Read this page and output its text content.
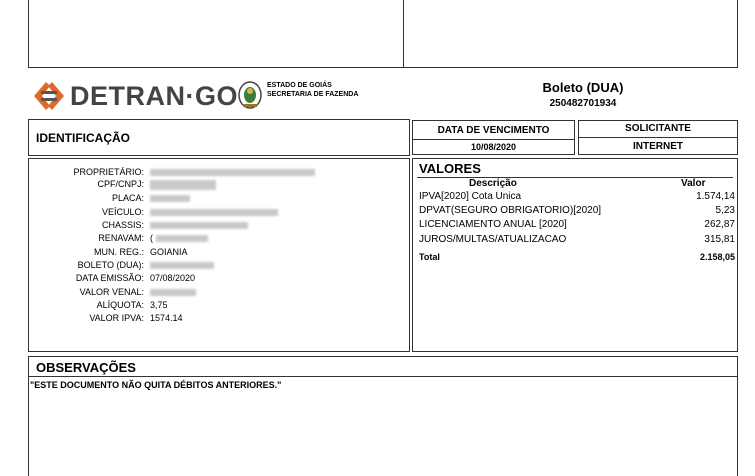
DETRAN·GO	ESTADO DE GOIÁS
SECRETARIA DE FAZENDA	Boleto (DUA)
250482701934
IDENTIFICAÇÃO
DATA DE VENCIMENTO
10/08/2020
SOLICITANTE
INTERNET
PROPRIETÁRIO:
CPF/CNPJ:
PLACA:
VEÍCULO:
CHASSIS:
RENAVAM: (
MUN. REG.: GOIANIA
BOLETO (DUA):
DATA EMISSÃO: 07/08/2020
VALOR VENAL:
ALÍQUOTA: 3,75
VALOR IPVA: 1574.14
VALORES
Descrição	Valor
IPVA[2020] Cota Unica	1.574,14
DPVAT(SEGURO OBRIGATORIO)[2020]	5,23
LICENCIAMENTO ANUAL [2020]	262,87
JUROS/MULTAS/ATUALIZACAO	315,81
Total	2.158,05
OBSERVAÇÕES
"ESTE DOCUMENTO NÃO QUITA DÉBITOS ANTERIORES."
